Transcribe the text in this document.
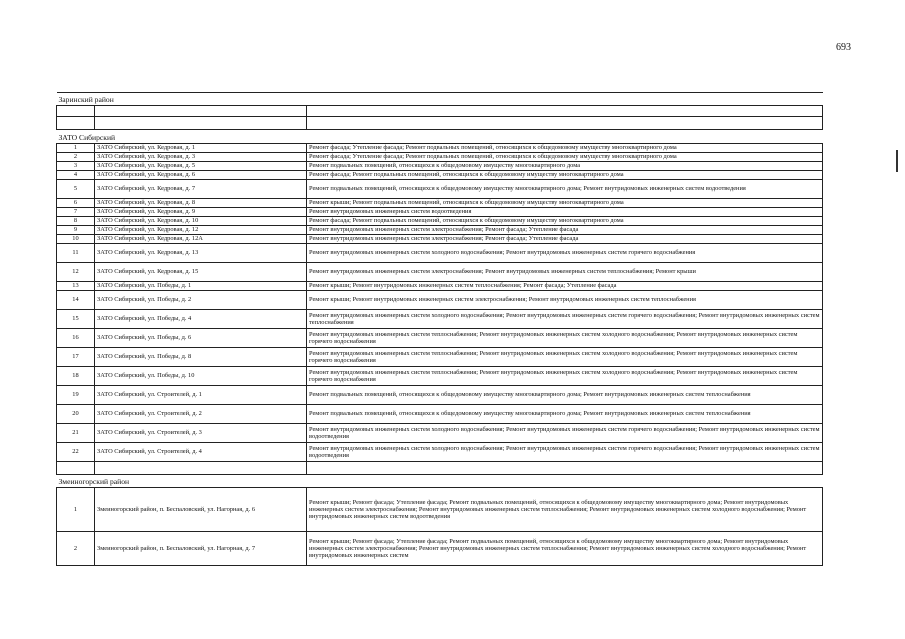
693
Заринский район		

ЗАТО Сибирский		
1	ЗАТО Сибирский, ул. Кедровая, д. 1	Ремонт фасада; Утепление фасада; Ремонт подвальных помещений, относящихся к общедомовому имуществу многоквартирного дома
2	ЗАТО Сибирский, ул. Кедровая, д. 3	Ремонт фасада; Утепление фасада; Ремонт подвальных помещений, относящихся к общедомовому имуществу многоквартирного дома
3	ЗАТО Сибирский, ул. Кедровая, д. 5	Ремонт подвальных помещений, относящихся к общедомовому имуществу многоквартирного дома
4	ЗАТО Сибирский, ул. Кедровая, д. 6	Ремонт фасада; Ремонт подвальных помещений, относящихся к общедомовому имуществу многоквартирного дома
5	ЗАТО Сибирский, ул. Кедровая, д. 7	Ремонт подвальных помещений, относящихся к общедомовому имуществу многоквартирного дома; Ремонт внутридомовых инженерных систем водоотведения
6	ЗАТО Сибирский, ул. Кедровая, д. 8	Ремонт крыши; Ремонт подвальных помещений, относящихся к общедомовому имуществу многоквартирного дома
7	ЗАТО Сибирский, ул. Кедровая, д. 9	Ремонт внутридомовых инженерных систем водоотведения
8	ЗАТО Сибирский, ул. Кедровая, д. 10	Ремонт фасада; Ремонт подвальных помещений, относящихся к общедомовому имуществу многоквартирного дома
9	ЗАТО Сибирский, ул. Кедровая, д. 12	Ремонт внутридомовых инженерных систем электроснабжения; Ремонт фасада; Утепление фасада
10	ЗАТО Сибирский, ул. Кедровая, д. 12А	Ремонт внутридомовых инженерных систем электроснабжения; Ремонт фасада; Утепление фасада
11	ЗАТО Сибирский, ул. Кедровая, д. 13	Ремонт внутридомовых инженерных систем холодного водоснабжения; Ремонт внутридомовых инженерных систем горячего водоснабжения
12	ЗАТО Сибирский, ул. Кедровая, д. 15	Ремонт внутридомовых инженерных систем электроснабжения; Ремонт внутридомовых инженерных систем теплоснабжения; Ремонт крыши
13	ЗАТО Сибирский, ул. Победы, д. 1	Ремонт крыши; Ремонт внутридомовых инженерных систем теплоснабжения; Ремонт фасада; Утепление фасада
14	ЗАТО Сибирский, ул. Победы, д. 2	Ремонт крыши; Ремонт внутридомовых инженерных систем электроснабжения; Ремонт внутридомовых инженерных систем теплоснабжения
15	ЗАТО Сибирский, ул. Победы, д. 4	Ремонт внутридомовых инженерных систем холодного водоснабжения; Ремонт внутридомовых инженерных систем горячего водоснабжения; Ремонт внутридомовых инженерных систем теплоснабжения
16	ЗАТО Сибирский, ул. Победы, д. 6	Ремонт внутридомовых инженерных систем теплоснабжения; Ремонт внутридомовых инженерных систем холодного водоснабжения; Ремонт внутридомовых инженерных систем горячего водоснабжения
17	ЗАТО Сибирский, ул. Победы, д. 8	Ремонт внутридомовых инженерных систем теплоснабжения; Ремонт внутридомовых инженерных систем холодного водоснабжения; Ремонт внутридомовых инженерных систем горячего водоснабжения
18	ЗАТО Сибирский, ул. Победы, д. 10	Ремонт внутридомовых инженерных систем теплоснабжения; Ремонт внутридомовых инженерных систем холодного водоснабжения; Ремонт внутридомовых инженерных систем горячего водоснабжения
19	ЗАТО Сибирский, ул. Строителей, д. 1	Ремонт подвальных помещений, относящихся к общедомовому имуществу многоквартирного дома; Ремонт внутридомовых инженерных систем теплоснабжения
20	ЗАТО Сибирский, ул. Строителей, д. 2	Ремонт подвальных помещений, относящихся к общедомовому имуществу многоквартирного дома; Ремонт внутридомовых инженерных систем теплоснабжения
21	ЗАТО Сибирский, ул. Строителей, д. 3	Ремонт внутридомовых инженерных систем холодного водоснабжения; Ремонт внутридомовых инженерных систем горячего водоснабжения; Ремонт внутридомовых инженерных систем водоотведения
22	ЗАТО Сибирский, ул. Строителей, д. 4	Ремонт внутридомовых инженерных систем холодного водоснабжения; Ремонт внутридомовых инженерных систем горячего водоснабжения; Ремонт внутридомовых инженерных систем водоотведения

Змеиногорский район		
1	Змеиногорский район, п. Беспаловский, ул. Нагорная, д. 6	Ремонт крыши; Ремонт фасада; Утепление фасада; Ремонт подвальных помещений, относящихся к общедомовому имуществу многоквартирного дома; Ремонт внутридомовых инженерных систем электроснабжения; Ремонт внутридомовых инженерных систем теплоснабжения; Ремонт внутридомовых инженерных систем холодного водоснабжения; Ремонт внутридомовых инженерных систем водоотведения
2	Змеиногорский район, п. Беспаловский, ул. Нагорная, д. 7	Ремонт крыши; Ремонт фасада; Утепление фасада; Ремонт подвальных помещений, относящихся к общедомовому имуществу многоквартирного дома; Ремонт внутридомовых инженерных систем электроснабжения; Ремонт внутридомовых инженерных систем теплоснабжения; Ремонт внутридомовых инженерных систем холодного водоснабжения; Ремонт внутридомовых инженерных систем
